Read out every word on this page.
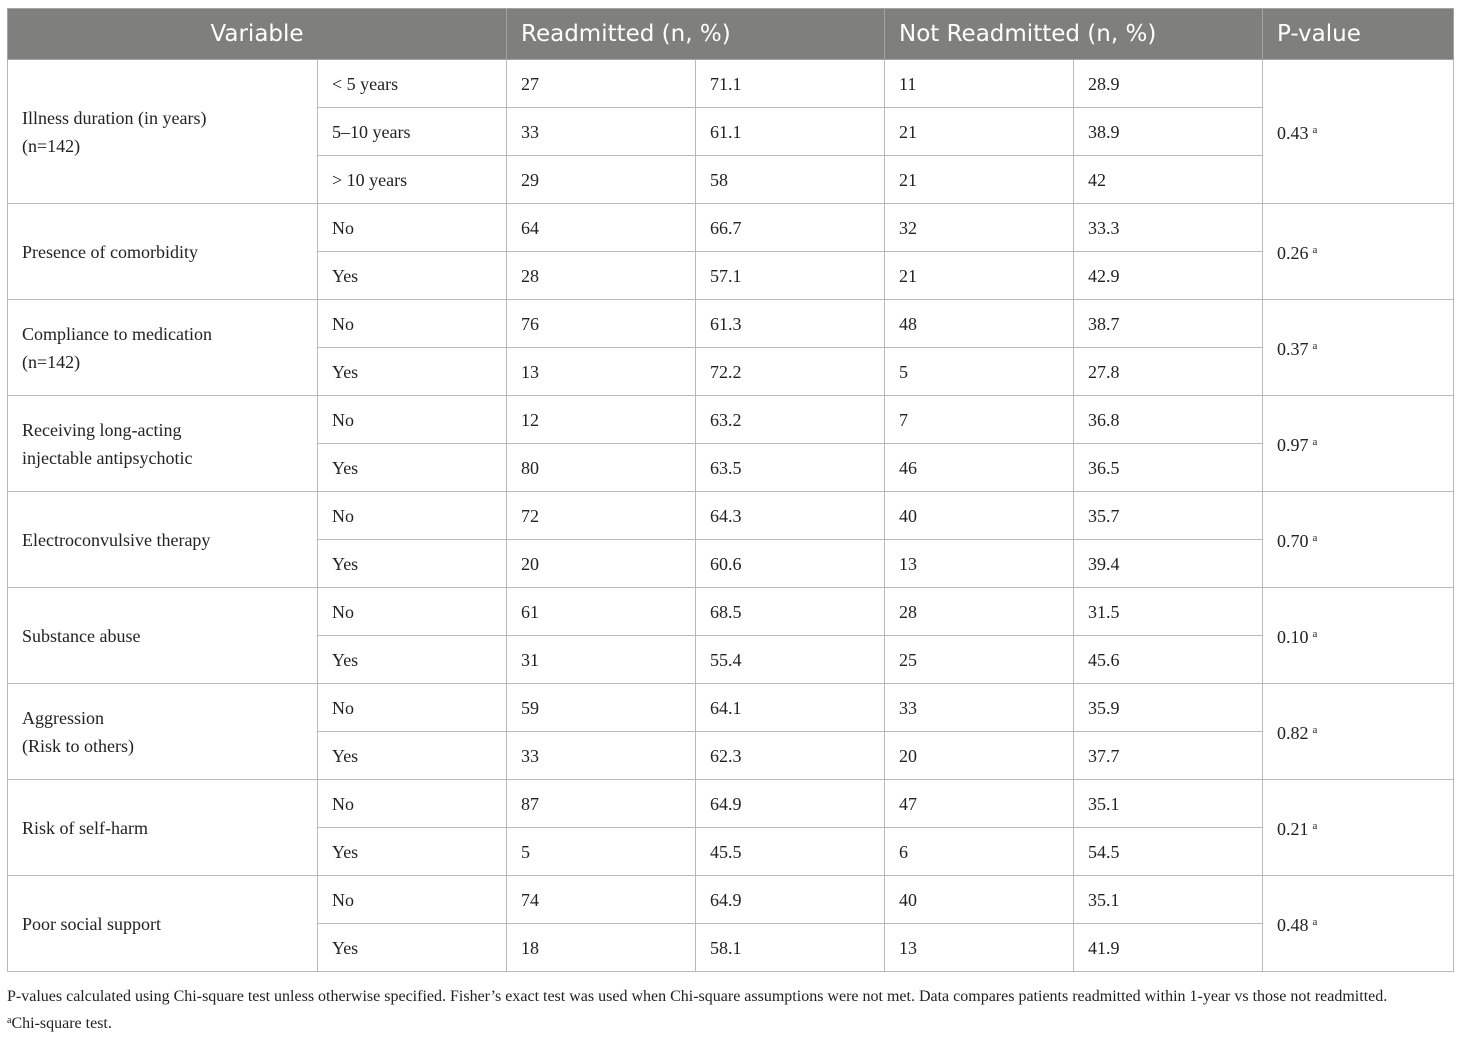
Variable		Readmitted (n, %)		Not Readmitted (n, %)		P-value
Illness duration (in years)
(n=142)	< 5 years	27	71.1	11	28.9	0.43 $^a$
	5–10 years	33	61.1	21	38.9	
	> 10 years	29	58	21	42	
Presence of comorbidity	No	64	66.7	32	33.3	0.26 $^a$
	Yes	28	57.1	21	42.9	
Compliance to medication
(n=142)	No	76	61.3	48	38.7	0.37 $^a$
	Yes	13	72.2	5	27.8	
Receiving long-acting
injectable antipsychotic	No	12	63.2	7	36.8	0.97 $^a$
	Yes	80	63.5	46	36.5	
Electroconvulsive therapy	No	72	64.3	40	35.7	0.70 $^a$
	Yes	20	60.6	13	39.4	
Substance abuse	No	61	68.5	28	31.5	0.10 $^a$
	Yes	31	55.4	25	45.6	
Aggression
(Risk to others)	No	59	64.1	33	35.9	0.82 $^a$
	Yes	33	62.3	20	37.7	
Risk of self-harm	No	87	64.9	47	35.1	0.21 $^a$
	Yes	5	45.5	6	54.5	
Poor social support	No	74	64.9	40	35.1	0.48 $^a$
	Yes	18	58.1	13	41.9	

P-values calculated using Chi-square test unless otherwise specified. Fisher’s exact test was used when Chi-square assumptions were not met. Data compares patients readmitted within 1-year vs those not readmitted.

$^a$Chi-square test.
